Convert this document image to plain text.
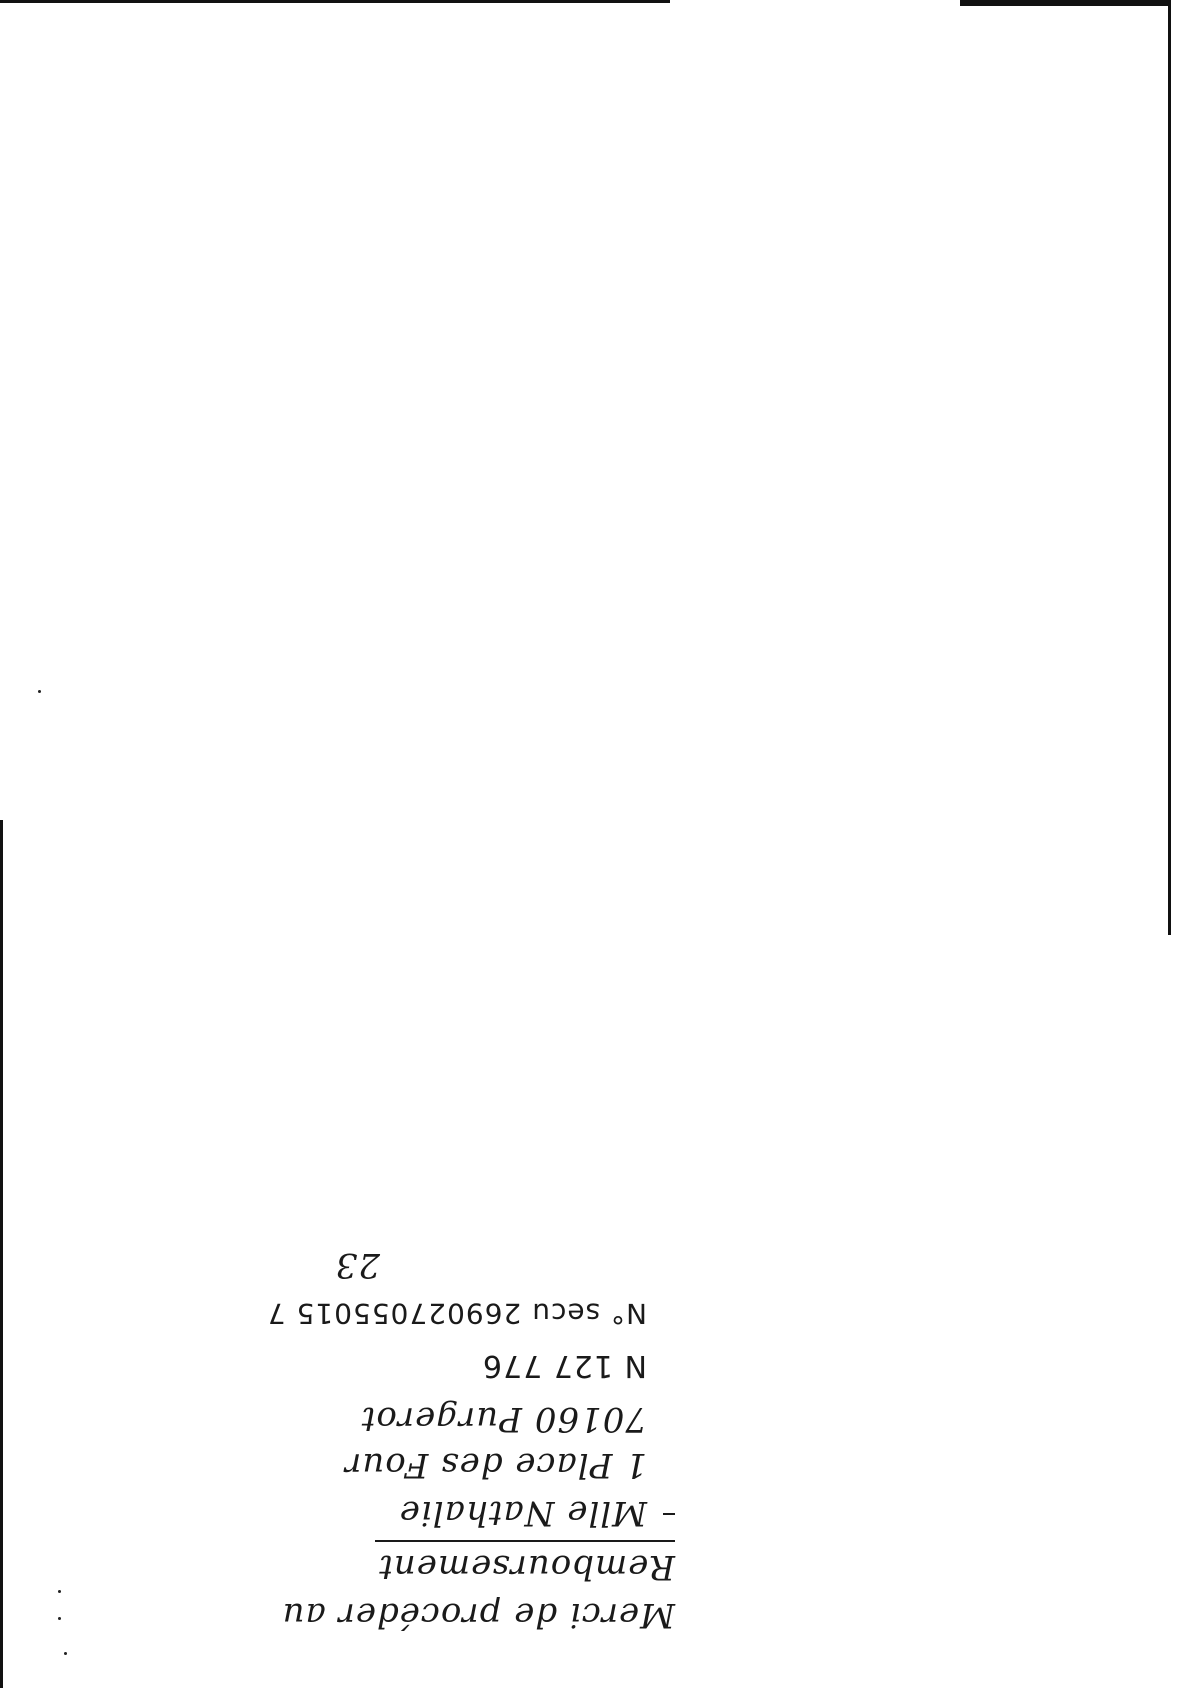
Merci de procéder au
Remboursement
Mlle Nathalie
1 Place des Four
70160 Purgerot
N 127 776
N° secu 269027055015 7
23
